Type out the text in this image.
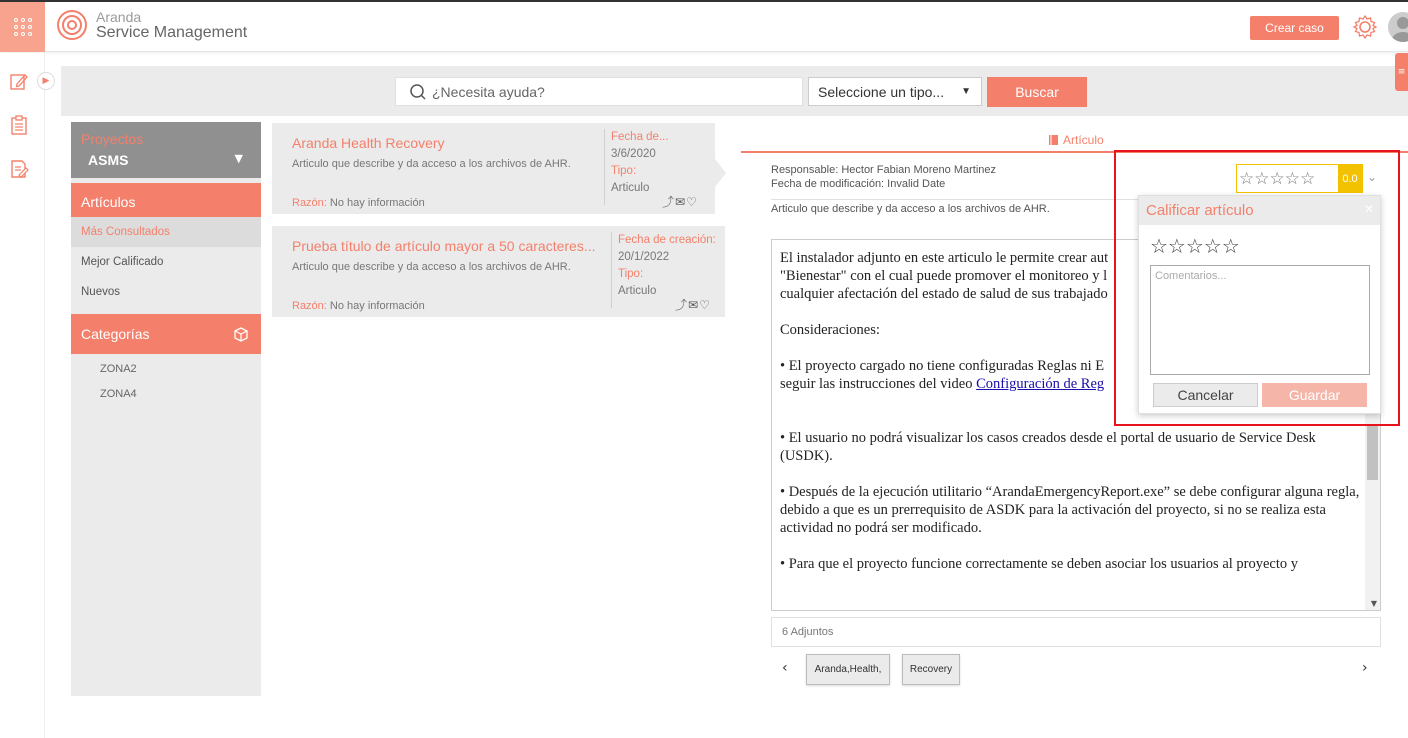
Aranda
Service Management	Crear caso
▶
¿Necesita ayuda?
Seleccione un tipo... ▼	Buscar
≡
Proyectos
ASMS	▼
Artículos
Más Consultados
Mejor Calificado
Nuevos
Categorías
ZONA2
ZONA4
Aranda Health Recovery
Articulo que describe y da acceso a los archivos de AHR.
Razón: No hay información
Fecha de...
3/6/2020
Tipo:
Articulo
⤴✉♡
Prueba título de artículo mayor a 50 caracteres...
Articulo que describe y da acceso a los archivos de AHR.
Razón: No hay información
Fecha de creación:
20/1/2022
Tipo:
Articulo
⤴✉♡
Artículo
Responsable: Hector Fabian Moreno Martinez
Fecha de modificación: Invalid Date
Articulo que describe y da acceso a los archivos de AHR.
☆☆☆☆☆	0.0 ⌄

El instalador adjunto en este articulo le permite crear aut
"Bienestar" con el cual puede promover el monitoreo y l
cualquier afectación del estado de salud de sus trabajado

Consideraciones:

• El proyecto cargado no tiene configuradas Reglas ni E
seguir las instrucciones del video Configuración de Reg

• El usuario no podrá visualizar los casos creados desde el portal de usuario de Service Desk (USDK).

• Después de la ejecución utilitario “ArandaEmergencyReport.exe” se debe configurar alguna regla, debido a que es un prerrequisito de ASDK para la activación del proyecto, si no se realiza esta actividad no podrá ser modificado.

• Para que el proyecto funcione correctamente se deben asociar los usuarios al proyecto y

▼
6 Adjuntos
‹	Aranda,Health,	Recovery	›
Calificar artículo	✕
☆☆☆☆☆
Comentarios...
Cancelar	Guardar
